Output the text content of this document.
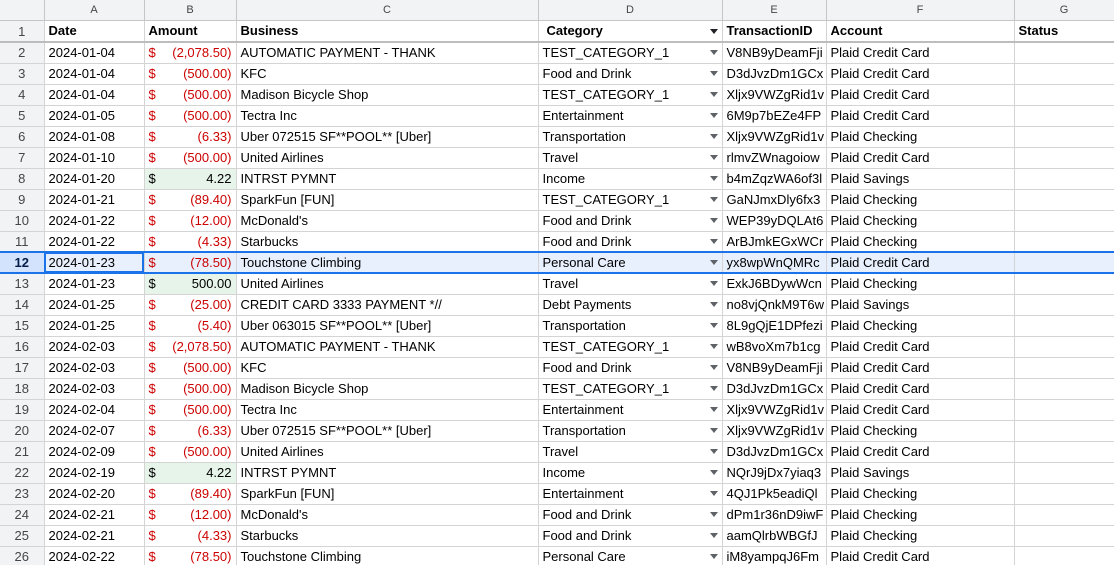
	A	B	C	D	E	F	G
1	Date	Amount	Business	Category	TransactionID	Account	Status
2	2024-01-04	$ (2,078.50)	AUTOMATIC PAYMENT - THANK	TEST_CATEGORY_1	V8NB9yDeamFji	Plaid Credit Card	

3	2024-01-04	$ (500.00)	KFC	Food and Drink	D3dJvzDm1GCx	Plaid Credit Card	

4	2024-01-04	$ (500.00)	Madison Bicycle Shop	TEST_CATEGORY_1	Xljx9VWZgRid1v	Plaid Credit Card	

5	2024-01-05	$ (500.00)	Tectra Inc	Entertainment	6M9p7bEZe4FP	Plaid Credit Card	

6	2024-01-08	$ (6.33)	Uber 072515 SF**POOL** [Uber]	Transportation	Xljx9VWZgRid1v	Plaid Checking	

7	2024-01-10	$ (500.00)	United Airlines	Travel	rlmvZWnagoiow	Plaid Credit Card	

8	2024-01-20	$ 4.22	INTRST PYMNT	Income	b4mZqzWA6of3l	Plaid Savings	

9	2024-01-21	$ (89.40)	SparkFun [FUN]	TEST_CATEGORY_1	GaNJmxDly6fx3	Plaid Checking	

10	2024-01-22	$ (12.00)	McDonald's	Food and Drink	WEP39yDQLAt6	Plaid Checking	

11	2024-01-22	$ (4.33)	Starbucks	Food and Drink	ArBJmkEGxWCr	Plaid Checking	

12	2024-01-23	$ (78.50)	Touchstone Climbing	Personal Care	yx8wpWnQMRc	Plaid Credit Card	

13	2024-01-23	$ 500.00	United Airlines	Travel	ExkJ6BDywWcn	Plaid Checking	

14	2024-01-25	$ (25.00)	CREDIT CARD 3333 PAYMENT *//	Debt Payments	no8vjQnkM9T6w	Plaid Savings	

15	2024-01-25	$ (5.40)	Uber 063015 SF**POOL** [Uber]	Transportation	8L9gQjE1DPfezi	Plaid Checking	

16	2024-02-03	$ (2,078.50)	AUTOMATIC PAYMENT - THANK	TEST_CATEGORY_1	wB8voXm7b1cg	Plaid Credit Card	

17	2024-02-03	$ (500.00)	KFC	Food and Drink	V8NB9yDeamFji	Plaid Credit Card	

18	2024-02-03	$ (500.00)	Madison Bicycle Shop	TEST_CATEGORY_1	D3dJvzDm1GCx	Plaid Credit Card	

19	2024-02-04	$ (500.00)	Tectra Inc	Entertainment	Xljx9VWZgRid1v	Plaid Credit Card	

20	2024-02-07	$ (6.33)	Uber 072515 SF**POOL** [Uber]	Transportation	Xljx9VWZgRid1v	Plaid Checking	

21	2024-02-09	$ (500.00)	United Airlines	Travel	D3dJvzDm1GCx	Plaid Credit Card	

22	2024-02-19	$ 4.22	INTRST PYMNT	Income	NQrJ9jDx7yiaq3	Plaid Savings	

23	2024-02-20	$ (89.40)	SparkFun [FUN]	Entertainment	4QJ1Pk5eadiQl	Plaid Checking	

24	2024-02-21	$ (12.00)	McDonald's	Food and Drink	dPm1r36nD9iwF	Plaid Checking	

25	2024-02-21	$ (4.33)	Starbucks	Food and Drink	aamQlrbWBGfJ	Plaid Checking	

26	2024-02-22	$ (78.50)	Touchstone Climbing	Personal Care	iM8yampqJ6Fm	Plaid Credit Card	
